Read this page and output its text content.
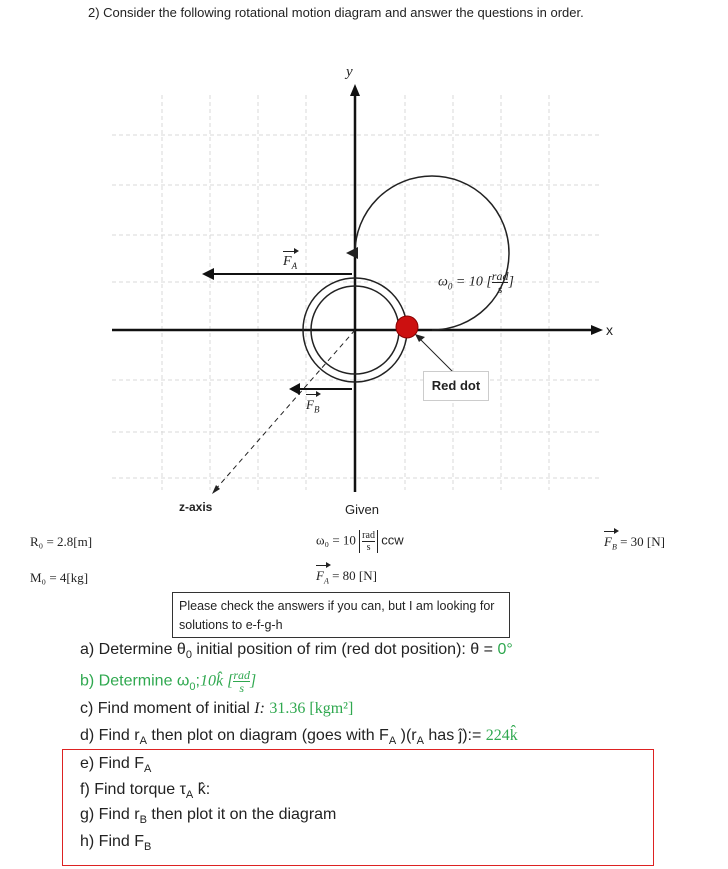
2) Consider the following rotational motion diagram and answer the questions in order.
y
x
z-axis
$F_A$
$F_B$
$\omega_0 = 10$ [ rad
s ]
Red dot
Given
R₀ = 2.8[m]
M₀ = 4[kg]
ω₀ = 10 rad
s
ccw
$F_A = 80$ [N]
$F_B = 30$ [N]
Please check the answers if you can, but I am looking for solutions to e-f-g-h
a) Determine $\theta_0$ initial position of rim (red dot position): θ = 0°
b) Determine $\omega_0;10k̂$ [ rad
s ]
c) Find moment of initial I: 31.36 [kgm²]
d) Find $r_A$ then plot on diagram (goes with $F_A$ )($r_A$ has ĵ):= 224k̂
e) Find $F_A$
f) Find torque $\tau_A$ k̂:
g) Find $r_B$ then plot it on the diagram
h) Find $F_B$
